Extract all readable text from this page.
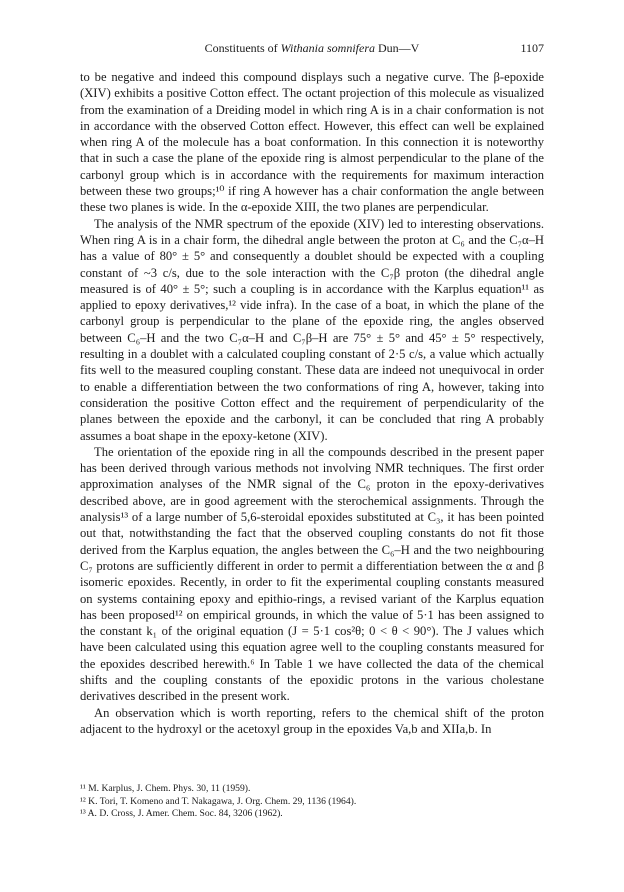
Constituents of Withania somnifera Dun—V	1107

to be negative and indeed this compound displays such a negative curve. The β-epoxide (XIV) exhibits a positive Cotton effect. The octant projection of this molecule as visualized from the examination of a Dreiding model in which ring A is in a chair conformation is not in accordance with the observed Cotton effect. However, this effect can well be explained when ring A of the molecule has a boat conformation. In this connection it is noteworthy that in such a case the plane of the epoxide ring is almost perpendicular to the plane of the carbonyl group which is in accordance with the requirements for maximum interaction between these two groups;¹⁰ if ring A however has a chair conformation the angle between these two planes is wide. In the α-epoxide XIII, the two planes are perpendicular.

The analysis of the NMR spectrum of the epoxide (XIV) led to interesting observations. When ring A is in a chair form, the dihedral angle between the proton at C₆ and the C₇α–H has a value of 80° ± 5° and consequently a doublet should be expected with a coupling constant of ~3 c/s, due to the sole interaction with the C₇β proton (the dihedral angle measured is of 40° ± 5°; such a coupling is in accordance with the Karplus equation¹¹ as applied to epoxy derivatives,¹² vide infra). In the case of a boat, in which the plane of the carbonyl group is perpendicular to the plane of the epoxide ring, the angles observed between C₆–H and the two C₇α–H and C₇β–H are 75° ± 5° and 45° ± 5° respectively, resulting in a doublet with a calculated coupling constant of 2·5 c/s, a value which actually fits well to the measured coupling constant. These data are indeed not unequivocal in order to enable a differentiation between the two conformations of ring A, however, taking into consideration the positive Cotton effect and the requirement of perpendicularity of the planes between the epoxide and the carbonyl, it can be concluded that ring A probably assumes a boat shape in the epoxy-ketone (XIV).

The orientation of the epoxide ring in all the compounds described in the present paper has been derived through various methods not involving NMR techniques. The first order approximation analyses of the NMR signal of the C₆ proton in the epoxy-derivatives described above, are in good agreement with the sterochemical assignments. Through the analysis¹³ of a large number of 5,6-steroidal epoxides substituted at C₃, it has been pointed out that, notwithstanding the fact that the observed coupling constants do not fit those derived from the Karplus equation, the angles between the C₆–H and the two neighbouring C₇ protons are sufficiently different in order to permit a differentiation between the α and β isomeric epoxides. Recently, in order to fit the experimental coupling constants measured on systems containing epoxy and epithio-rings, a revised variant of the Karplus equation has been proposed¹² on empirical grounds, in which the value of 5·1 has been assigned to the constant k₁ of the original equation (J = 5·1 cos²θ; 0 < θ < 90°). The J values which have been calculated using this equation agree well to the coupling constants measured for the epoxides described herewith.⁶ In Table 1 we have collected the data of the chemical shifts and the coupling constants of the epoxidic protons in the various cholestane derivatives described in the present work.

An observation which is worth reporting, refers to the chemical shift of the proton adjacent to the hydroxyl or the acetoxyl group in the epoxides Va,b and XIIa,b. In

¹¹ M. Karplus, J. Chem. Phys. 30, 11 (1959).

¹² K. Tori, T. Komeno and T. Nakagawa, J. Org. Chem. 29, 1136 (1964).

¹³ A. D. Cross, J. Amer. Chem. Soc. 84, 3206 (1962).
